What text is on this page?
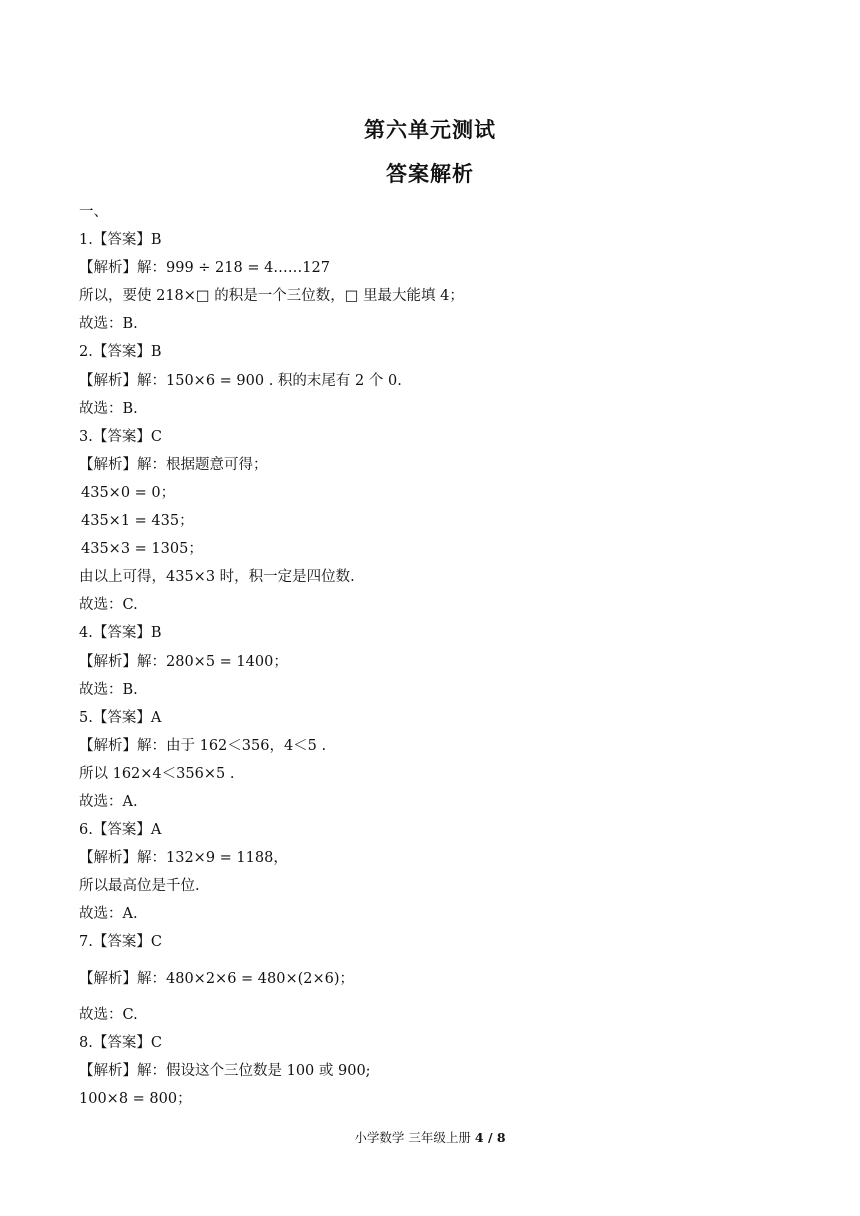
第六单元测试
答案解析
一、
1.【答案】B
【解析】解：999 ÷ 218 = 4……127
所以，要使 218×□ 的积是一个三位数，□ 里最大能填 4；
故选：B.
2.【答案】B
【解析】解：150×6 = 900 . 积的末尾有 2 个 0.
故选：B.
3.【答案】C
【解析】解：根据题意可得；
435×0 = 0；
435×1 = 435；
435×3 = 1305；
由以上可得，435×3 时，积一定是四位数.
故选：C.
4.【答案】B
【解析】解：280×5 = 1400；
故选：B.
5.【答案】A
【解析】解：由于 162＜356，4＜5 .
所以 162×4＜356×5 .
故选：A.
6.【答案】A
【解析】解：132×9 = 1188，
所以最高位是千位.
故选：A.
7.【答案】C
【解析】解：480×2×6 = 480×(2×6)；
故选：C.
8.【答案】C
【解析】解：假设这个三位数是 100 或 900;
100×8 = 800；
小学数学 三年级上册 4 / 8
